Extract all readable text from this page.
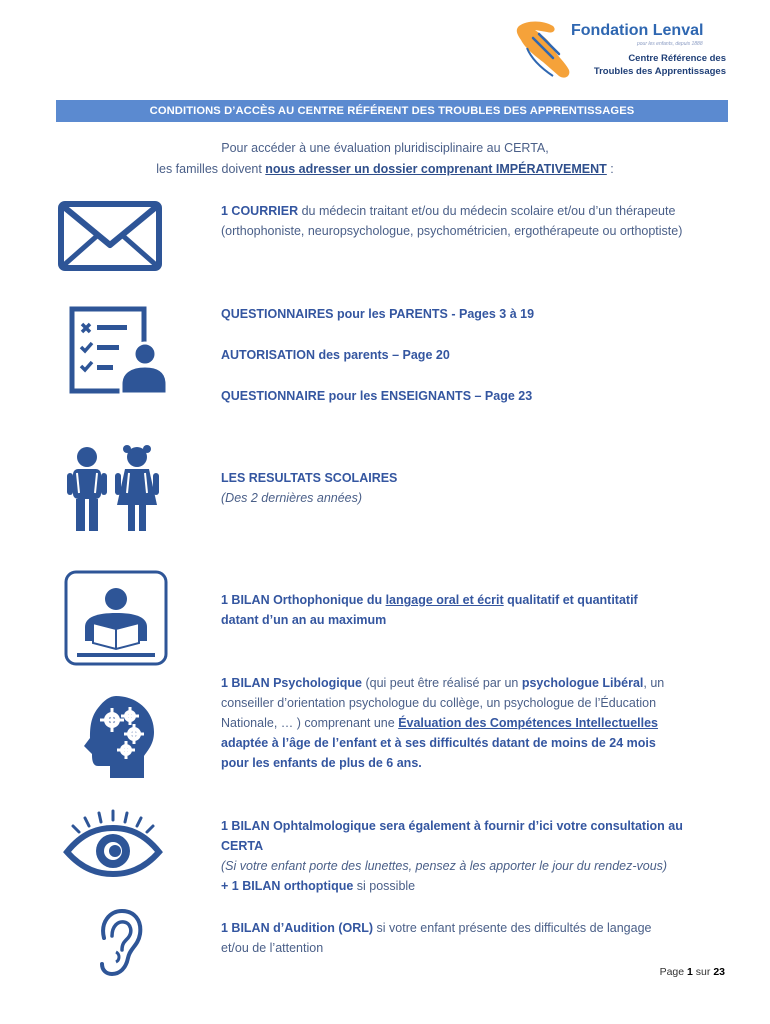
Fondation Lenval
pour les enfants, depuis 1888
Centre Référence des
Troubles des Apprentissages
CONDITIONS D’ACCÈS AU CENTRE RÉFÉRENT DES TROUBLES DES APPRENTISSAGES
Pour accéder à une évaluation pluridisciplinaire au CERTA,
les familles doivent nous adresser un dossier comprenant IMPÉRATIVEMENT :
1 COURRIER du médecin traitant et/ou du médecin scolaire et/ou d’un thérapeute
(orthophoniste, neuropsychologue, psychométricien, ergothérapeute ou orthoptiste)
QUESTIONNAIRES pour les PARENTS - Pages 3 à 19
AUTORISATION des parents – Page 20
QUESTIONNAIRE pour les ENSEIGNANTS – Page 23
LES RESULTATS SCOLAIRES
(Des 2 dernières années)
1 BILAN Orthophonique du langage oral et écrit qualitatif et quantitatif
datant d’un an au maximum
1 BILAN Psychologique (qui peut être réalisé par un psychologue Libéral, un
conseiller d’orientation psychologue du collège, un psychologue de l’Éducation
Nationale, … ) comprenant une Évaluation des Compétences Intellectuelles
adaptée à l’âge de l’enfant et à ses difficultés datant de moins de 24 mois
pour les enfants de plus de 6 ans.
1 BILAN Ophtalmologique sera également à fournir d’ici votre consultation au
CERTA
(Si votre enfant porte des lunettes, pensez à les apporter le jour du rendez-vous)
+ 1 BILAN orthoptique si possible
1 BILAN d’Audition (ORL) si votre enfant présente des difficultés de langage
et/ou de l’attention
Page 1 sur 23
